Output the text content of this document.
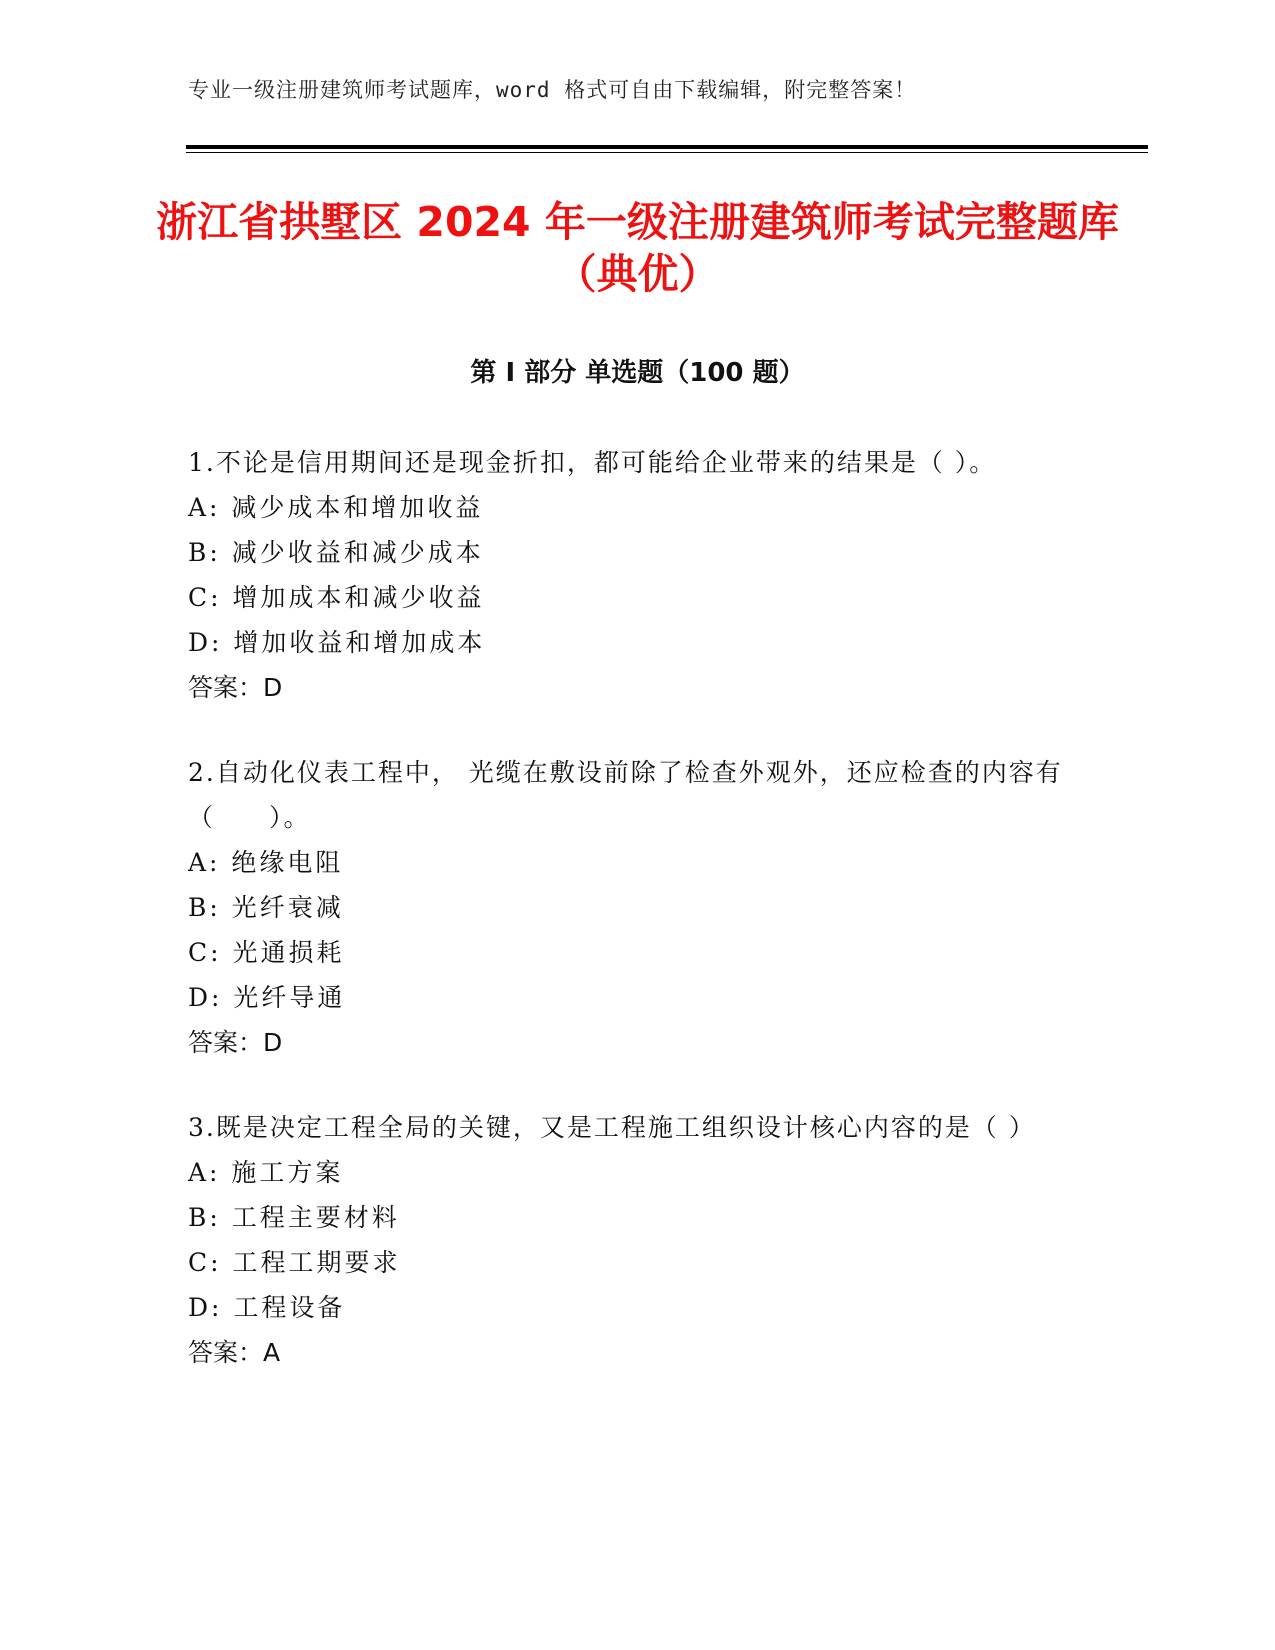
专业一级注册建筑师考试题库，word 格式可自由下载编辑，附完整答案！
浙江省拱墅区 2024 年一级注册建筑师考试完整题库（典优）
第 I 部分 单选题（100 题）
1.不论是信用期间还是现金折扣，都可能给企业带来的结果是（ ）。
A: 减少成本和增加收益
B: 减少收益和减少成本
C: 增加成本和减少收益
D: 增加收益和增加成本
答案：D
2.自动化仪表工程中， 光缆在敷设前除了检查外观外，还应检查的内容有（　　）。
A: 绝缘电阻
B: 光纤衰减
C: 光通损耗
D: 光纤导通
答案：D
3.既是决定工程全局的关键，又是工程施工组织设计核心内容的是（ ）
A: 施工方案
B: 工程主要材料
C: 工程工期要求
D: 工程设备
答案：A
